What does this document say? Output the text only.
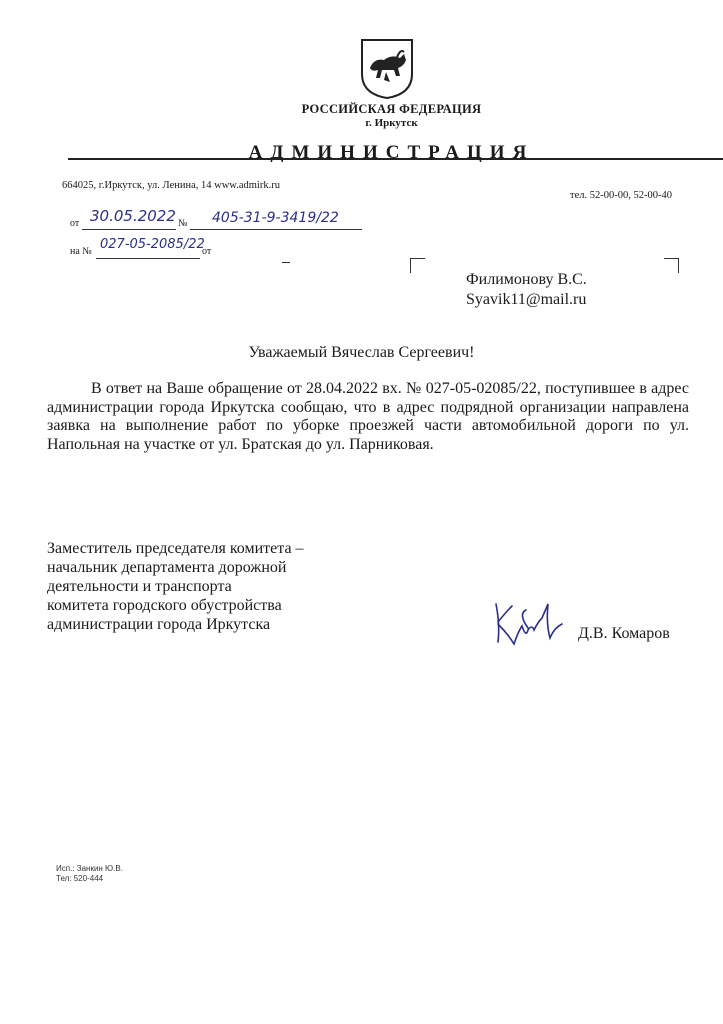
РОССИЙСКАЯ ФЕДЕРАЦИЯ
г. Иркутск
АДМИНИСТРАЦИЯ
664025, г.Иркутск, ул. Ленина, 14 www.admirk.ru
тел. 52-00-00, 52-00-40
от 30.05.2022 № 405-31-9-3419/22
на № 027-05-2085/22
от
Филимонову В.С.
Syavik11@mail.ru
Уважаемый Вячеслав Сергеевич!

В ответ на Ваше обращение от 28.04.2022 вх. № 027-05-02085/22, поступившее в адрес администрации города Иркутска сообщаю, что в адрес подрядной организации направлена заявка на выполнение работ по уборке проезжей части автомобильной дороги по ул. Напольная на участке от ул. Братская до ул. Парниковая.

Заместитель председателя комитета –
начальник департамента дорожной
деятельности и транспорта
комитета городского обустройства
администрации города Иркутска
Д.В. Комаров
Исп.: Занкин Ю.В.
Тел: 520-444
